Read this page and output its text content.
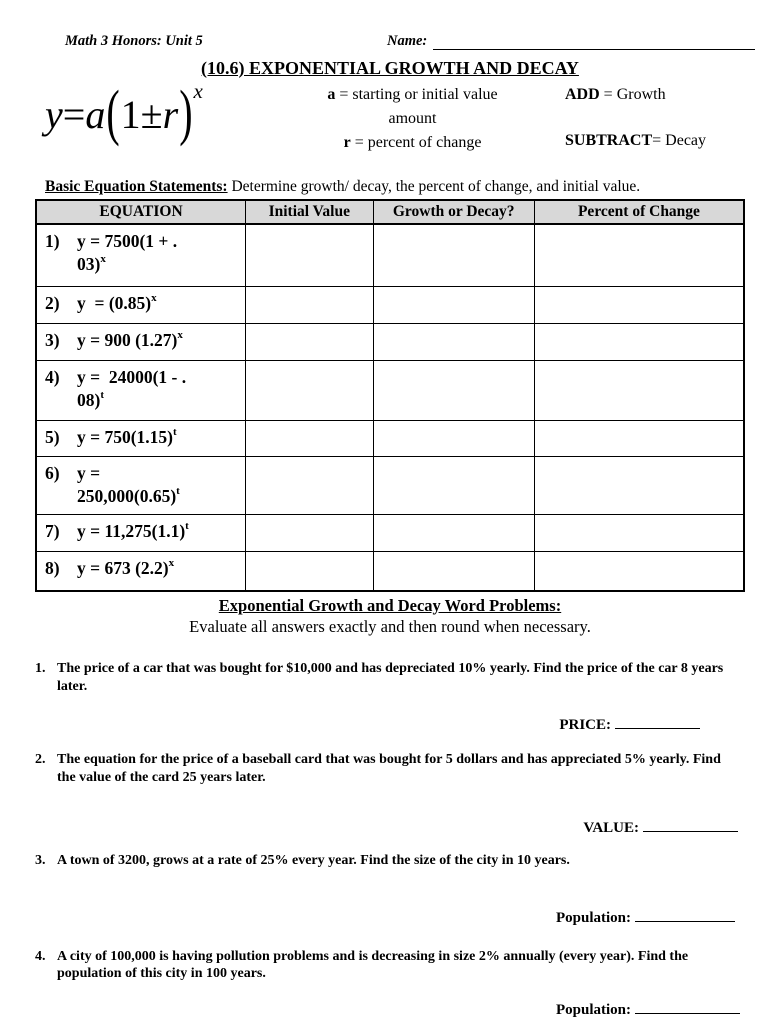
Math 3 Honors: Unit 5	Name:
(10.6) EXPONENTIAL GROWTH AND DECAY
$y=a(1\pm r)^x$	a = starting or initial value
amount
r = percent of change
ADD = Growth
SUBTRACT= Decay
Basic Equation Statements: Determine growth/ decay, the percent of change, and initial value.
EQUATION	Initial Value	Growth or Decay?	Percent of Change

1) y = 7500(1 + .
03)$^x$

2) $y = (0.85)^x$

3) y = 900 $(1.27)^x$

4) y =  24000(1 - .
08)$^t$

5) $y = 750(1.15)^t$

6) y =
$250,000(0.65)^t$

7) $y = 11,275(1.1)^t$

8) y = 673 $(2.2)^x$

Exponential Growth and Decay Word Problems:
Evaluate all answers exactly and then round when necessary.
1. The price of a car that was bought for $10,000 and has depreciated 10% yearly. Find the price of the car 8 years later.
PRICE:
2. The equation for the price of a baseball card that was bought for 5 dollars and has appreciated 5% yearly. Find the value of the card 25 years later.
VALUE:
3. A town of 3200, grows at a rate of 25% every year. Find the size of the city in 10 years.
Population:
4. A city of 100,000 is having pollution problems and is decreasing in size 2% annually (every year). Find the population of this city in 100 years.
Population:
